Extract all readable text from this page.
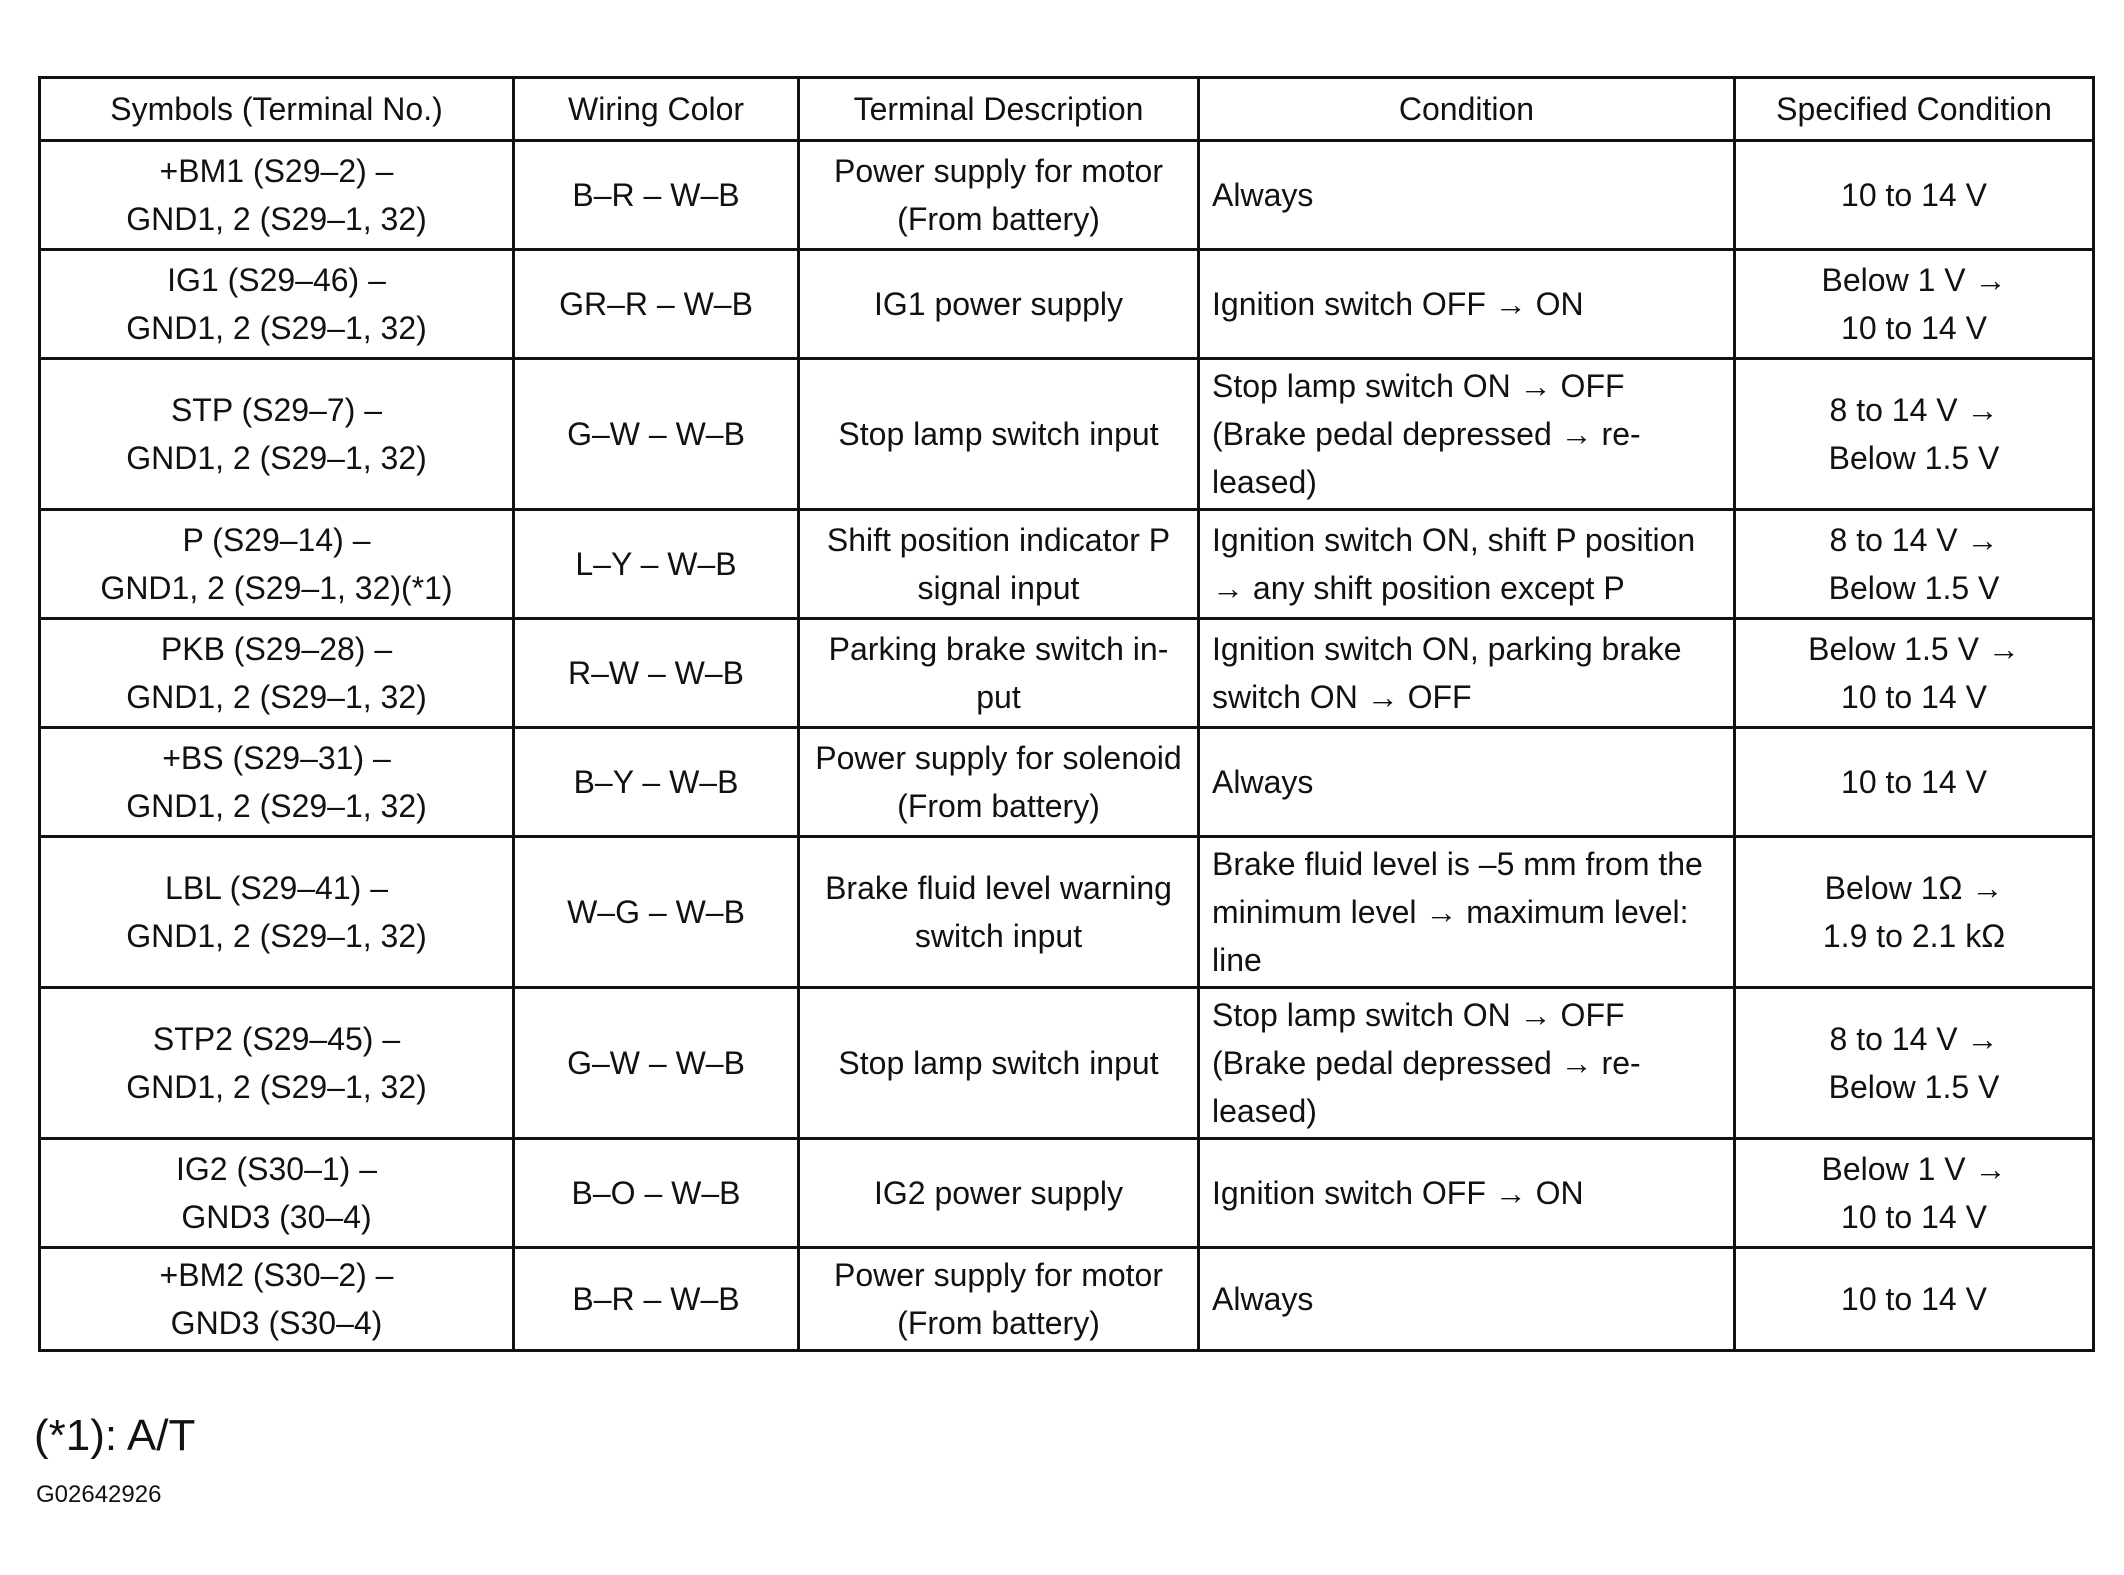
Symbols (Terminal No.)	Wiring Color	Terminal Description	Condition	Specified Condition

+BM1 (S29–2) –
GND1, 2 (S29–1, 32)	B–R – W–B	Power supply for motor
(From battery)	Always	10 to 14 V

IG1 (S29–46) –
GND1, 2 (S29–1, 32)	GR–R – W–B	IG1 power supply	Ignition switch OFF → ON	Below 1 V →
10 to 14 V

STP (S29–7) –
GND1, 2 (S29–1, 32)	G–W – W–B	Stop lamp switch input	Stop lamp switch ON → OFF
(Brake pedal depressed → re-
leased)	8 to 14 V →
Below 1.5 V

P (S29–14) –
GND1, 2 (S29–1, 32)(*1)	L–Y – W–B	Shift position indicator P
signal input	Ignition switch ON, shift P position
→ any shift position except P	8 to 14 V →
Below 1.5 V

PKB (S29–28) –
GND1, 2 (S29–1, 32)	R–W – W–B	Parking brake switch in-
put	Ignition switch ON, parking brake
switch ON → OFF	Below 1.5 V →
10 to 14 V

+BS (S29–31) –
GND1, 2 (S29–1, 32)	B–Y – W–B	Power supply for solenoid
(From battery)	Always	10 to 14 V

LBL (S29–41) –
GND1, 2 (S29–1, 32)	W–G – W–B	Brake fluid level warning
switch input	Brake fluid level is –5 mm from the
minimum level → maximum level:
line	Below 1Ω →
1.9 to 2.1 kΩ

STP2 (S29–45) –
GND1, 2 (S29–1, 32)	G–W – W–B	Stop lamp switch input	Stop lamp switch ON → OFF
(Brake pedal depressed → re-
leased)	8 to 14 V →
Below 1.5 V

IG2 (S30–1) –
GND3 (30–4)	B–O – W–B	IG2 power supply	Ignition switch OFF → ON	Below 1 V →
10 to 14 V

+BM2 (S30–2) –
GND3 (S30–4)	B–R – W–B	Power supply for motor
(From battery)	Always	10 to 14 V
(*1): A/T
G02642926
